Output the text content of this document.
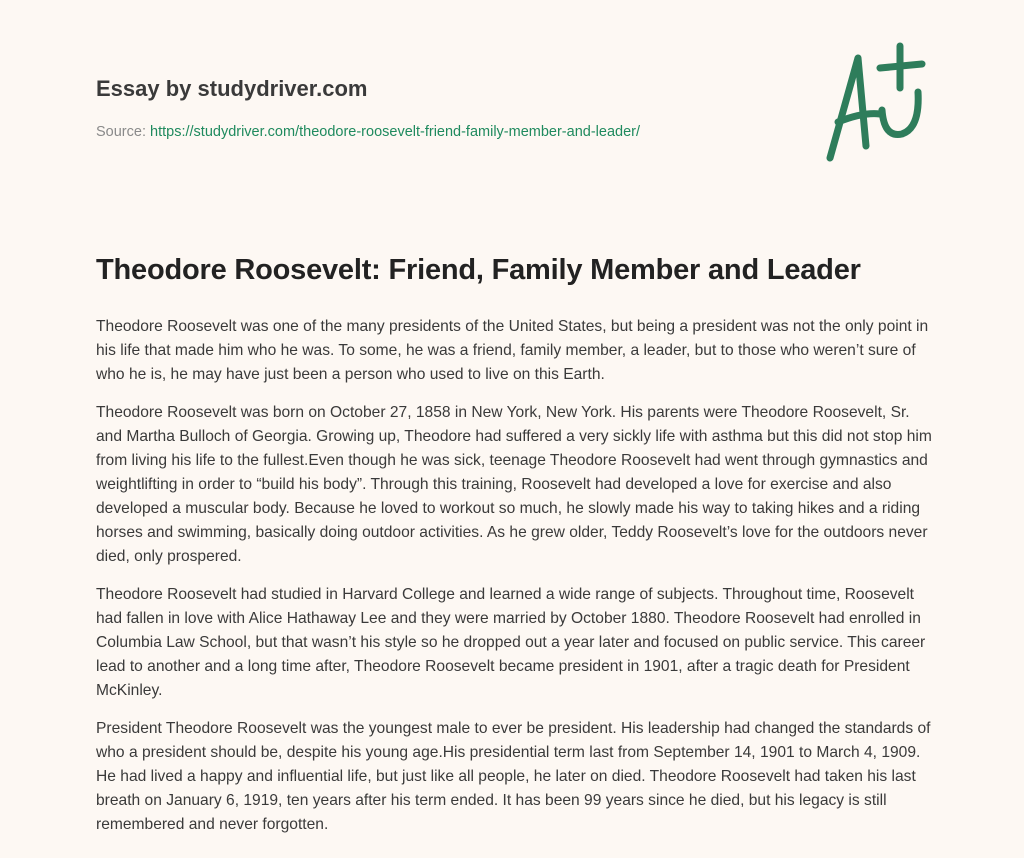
Essay by studydriver.com
Source: https://studydriver.com/theodore-roosevelt-friend-family-member-and-leader/
Theodore Roosevelt: Friend, Family Member and Leader

Theodore Roosevelt was one of the many presidents of the United States, but being a president was not the only point in his life that made him who he was. To some, he was a friend, family member, a leader, but to those who weren’t sure of who he is, he may have just been a person who used to live on this Earth.

Theodore Roosevelt was born on October 27, 1858 in New York, New York. His parents were Theodore Roosevelt, Sr. and Martha Bulloch of Georgia. Growing up, Theodore had suffered a very sickly life with asthma but this did not stop him from living his life to the fullest.Even though he was sick, teenage Theodore Roosevelt had went through gymnastics and weightlifting in order to “build his body”. Through this training, Roosevelt had developed a love for exercise and also developed a muscular body. Because he loved to workout so much, he slowly made his way to taking hikes and a riding horses and swimming, basically doing outdoor activities. As he grew older, Teddy Roosevelt’s love for the outdoors never died, only prospered.

Theodore Roosevelt had studied in Harvard College and learned a wide range of subjects. Throughout time, Roosevelt had fallen in love with Alice Hathaway Lee and they were married by October 1880. Theodore Roosevelt had enrolled in Columbia Law School, but that wasn’t his style so he dropped out a year later and focused on public service. This career lead to another and a long time after, Theodore Roosevelt became president in 1901, after a tragic death for President McKinley.

President Theodore Roosevelt was the youngest male to ever be president. His leadership had changed the standards of who a president should be, despite his young age.His presidential term last from September 14, 1901 to March 4, 1909. He had lived a happy and influential life, but just like all people, he later on died. Theodore Roosevelt had taken his last breath on January 6, 1919, ten years after his term ended. It has been 99 years since he died, but his legacy is still remembered and never forgotten.
